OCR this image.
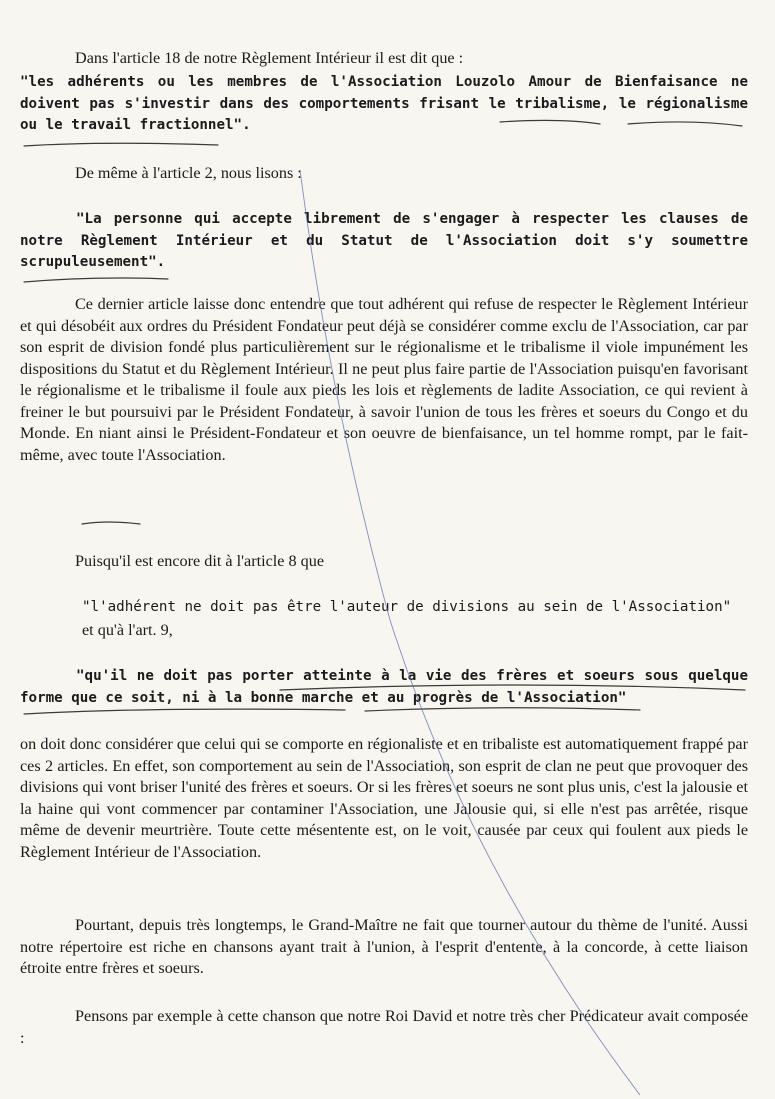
Dans l'article 18 de notre Règlement Intérieur il est dit que :

"les adhérents ou les membres de l'Association Louzolo Amour de Bienfaisance ne doivent pas s'investir dans des comportements frisant le tribalisme, le régionalisme ou le travail fractionnel".

De même à l'article 2, nous lisons :

"La personne qui accepte librement de s'engager à respecter les clauses de notre Règlement Intérieur et du Statut de l'Association doit s'y soumettre scrupuleusement".

Ce dernier article laisse donc entendre que tout adhérent qui refuse de respecter le Règlement Intérieur et qui désobéit aux ordres du Président Fondateur peut déjà se considérer comme exclu de l'Association, car par son esprit de division fondé plus particulièrement sur le régionalisme et le tribalisme il viole impunément les dispositions du Statut et du Règlement Intérieur. Il ne peut plus faire partie de l'Association puisqu'en favorisant le régionalisme et le tribalisme il foule aux pieds les lois et règlements de ladite Association, ce qui revient à freiner le but poursuivi par le Président Fondateur, à savoir l'union de tous les frères et soeurs du Congo et du Monde. En niant ainsi le Président-Fondateur et son oeuvre de bienfaisance, un tel homme rompt, par le fait-même, avec toute l'Association.

Puisqu'il est encore dit à l'article 8 que

"l'adhérent ne doit pas être l'auteur de divisions au sein de l'Association"

et qu'à l'art. 9,

"qu'il ne doit pas porter atteinte à la vie des frères et soeurs sous quelque forme que ce soit, ni à la bonne marche et au progrès de l'Association"

on doit donc considérer que celui qui se comporte en régionaliste et en tribaliste est automatiquement frappé par ces 2 articles. En effet, son comportement au sein de l'Association, son esprit de clan ne peut que provoquer des divisions qui vont briser l'unité des frères et soeurs. Or si les frères et soeurs ne sont plus unis, c'est la jalousie et la haine qui vont commencer par contaminer l'Association, une Jalousie qui, si elle n'est pas arrêtée, risque même de devenir meurtrière. Toute cette mésentente est, on le voit, causée par ceux qui foulent aux pieds le Règlement Intérieur de l'Association.

Pourtant, depuis très longtemps, le Grand-Maître ne fait que tourner autour du thème de l'unité. Aussi notre répertoire est riche en chansons ayant trait à l'union, à l'esprit d'entente, à la concorde, à cette liaison étroite entre frères et soeurs.

Pensons par exemple à cette chanson que notre Roi David et notre très cher Prédicateur avait composée :
